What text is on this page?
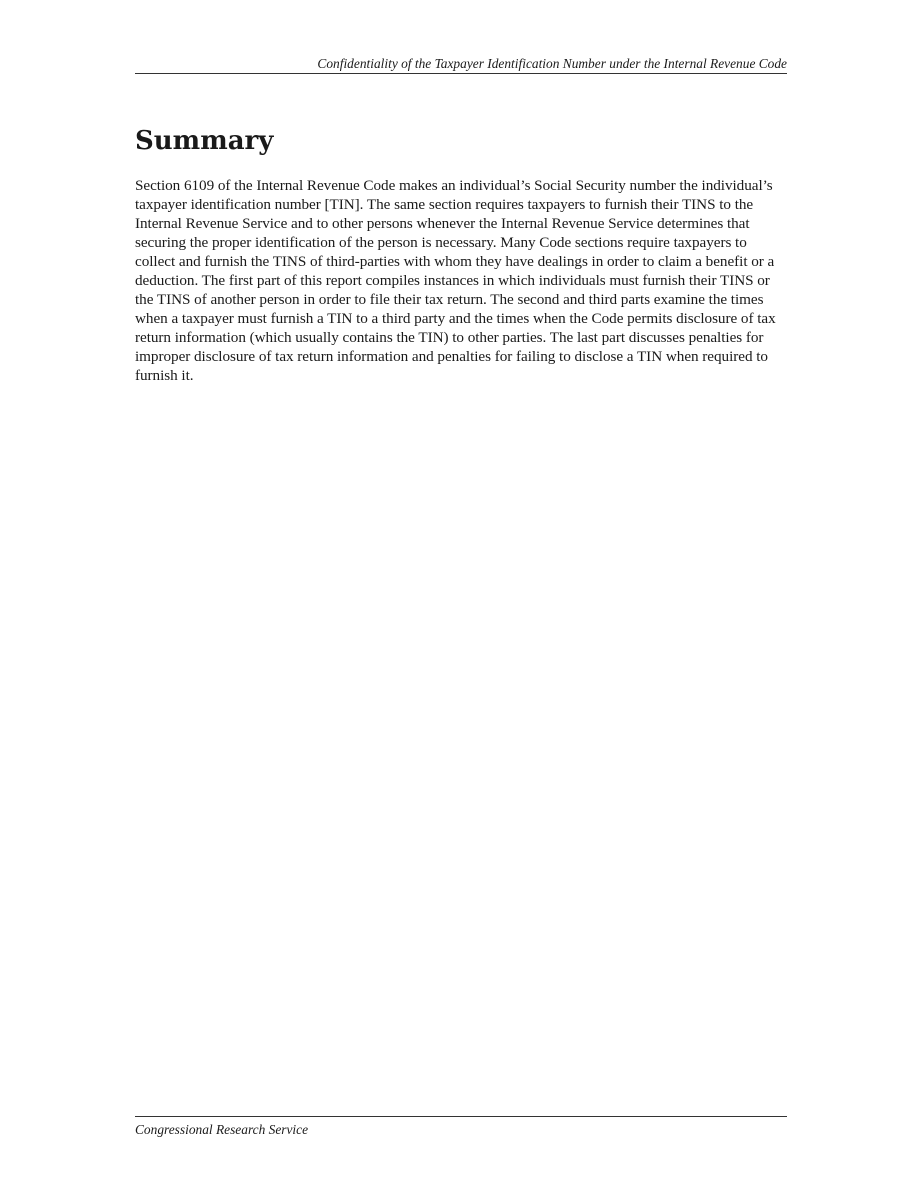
Confidentiality of the Taxpayer Identification Number under the Internal Revenue Code
Summary

Section 6109 of the Internal Revenue Code makes an individual’s Social Security number the individual’s taxpayer identification number [TIN]. The same section requires taxpayers to furnish their TINS to the Internal Revenue Service and to other persons whenever the Internal Revenue Service determines that securing the proper identification of the person is necessary. Many Code sections require taxpayers to collect and furnish the TINS of third-parties with whom they have dealings in order to claim a benefit or a deduction. The first part of this report compiles instances in which individuals must furnish their TINS or the TINS of another person in order to file their tax return. The second and third parts examine the times when a taxpayer must furnish a TIN to a third party and the times when the Code permits disclosure of tax return information (which usually contains the TIN) to other parties. The last part discusses penalties for improper disclosure of tax return information and penalties for failing to disclose a TIN when required to furnish it.

Congressional Research Service
